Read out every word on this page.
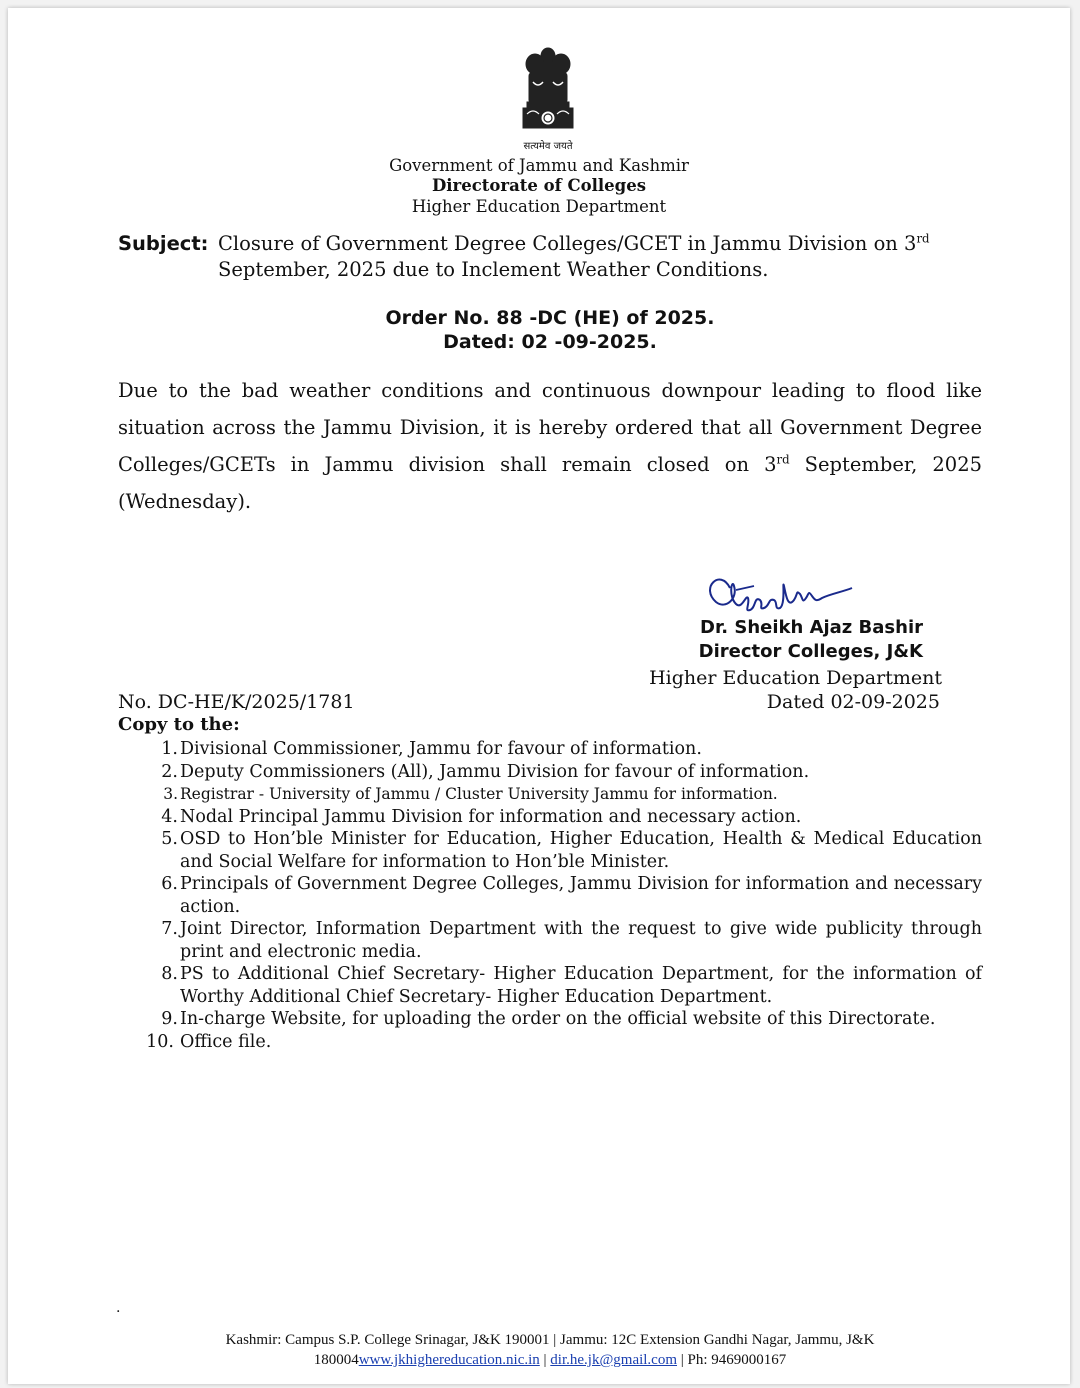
सत्यमेव जयते
Government of Jammu and Kashmir
Directorate of Colleges
Higher Education Department
Subject: Closure of Government Degree Colleges/GCET in Jammu Division on 3rd
September, 2025 due to Inclement Weather Conditions.
Order No. 88 -DC (HE) of 2025.
Dated: 02 -09-2025.
Due to the bad weather conditions and continuous downpour leading to flood like situation across the Jammu Division, it is hereby ordered that all Government Degree Colleges/GCETs in Jammu division shall remain closed on 3rd September, 2025 (Wednesday).
Dr. Sheikh Ajaz Bashir
Director Colleges, J&K
Higher Education Department
No. DC-HE/K/2025/1781	Dated 02-09-2025
Copy to the:
1. Divisional Commissioner, Jammu for favour of information.
2. Deputy Commissioners (All), Jammu Division for favour of information.
3. Registrar - University of Jammu / Cluster University Jammu for information.
4. Nodal Principal Jammu Division for information and necessary action.
5. OSD to Hon’ble Minister for Education, Higher Education, Health & Medical Education and Social Welfare for information to Hon’ble Minister.
6. Principals of Government Degree Colleges, Jammu Division for information and necessary action.
7. Joint Director, Information Department with the request to give wide publicity through print and electronic media.
8. PS to Additional Chief Secretary- Higher Education Department, for the information of Worthy Additional Chief Secretary- Higher Education Department.
9. In-charge Website, for uploading the order on the official website of this Directorate.
10. Office file.
.
Kashmir: Campus S.P. College Srinagar, J&K 190001 | Jammu: 12C Extension Gandhi Nagar, Jammu, J&K
180004www.jkhighereducation.nic.in | dir.he.jk@gmail.com | Ph: 9469000167
